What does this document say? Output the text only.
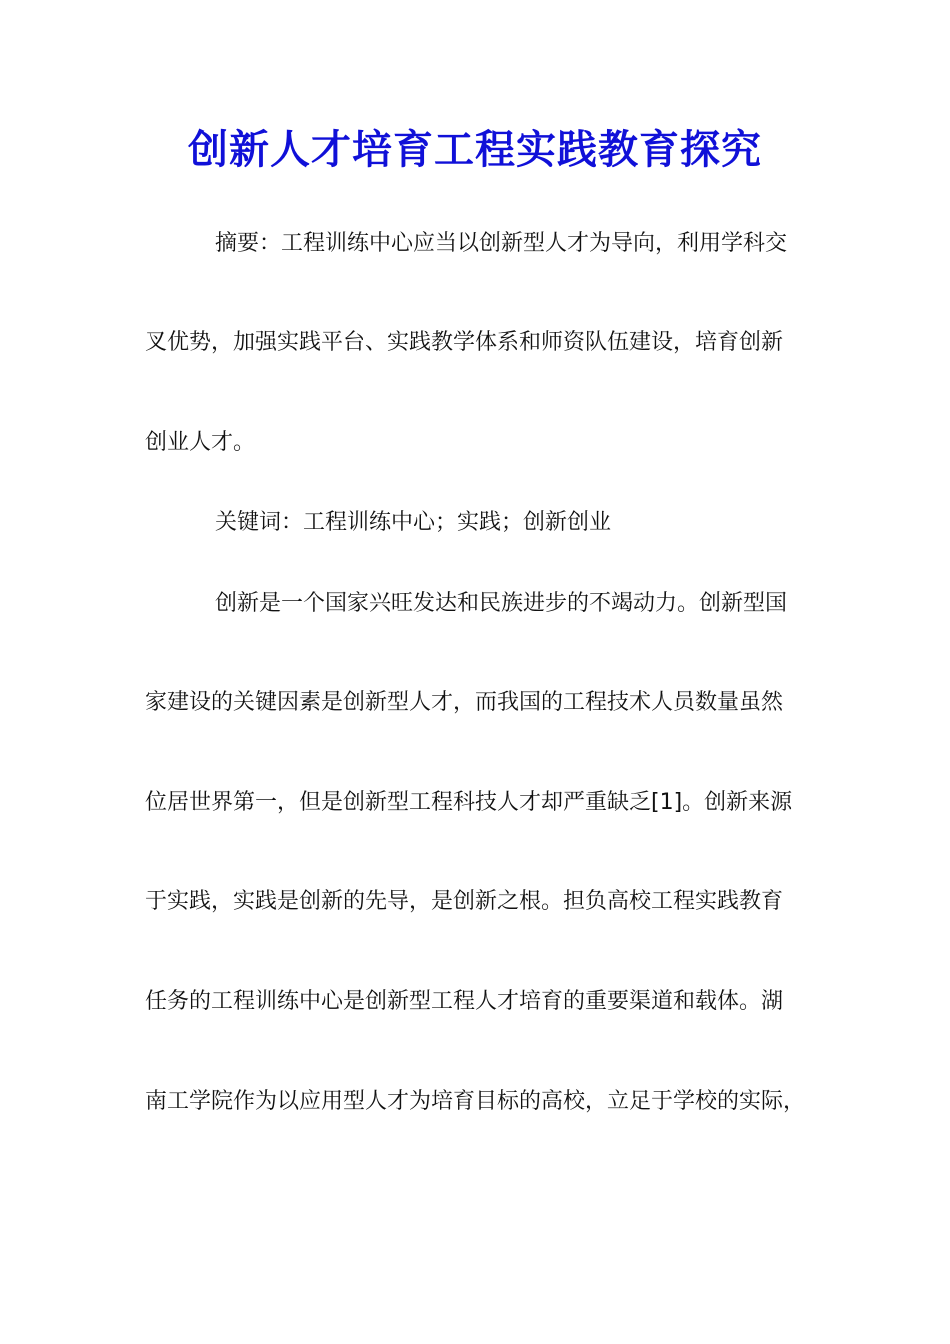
创新人才培育工程实践教育探究
摘要：工程训练中心应当以创新型人才为导向，利用学科交
叉优势，加强实践平台、实践教学体系和师资队伍建设，培育创新
创业人才。
关键词：工程训练中心；实践；创新创业
创新是一个国家兴旺发达和民族进步的不竭动力。创新型国
家建设的关键因素是创新型人才，而我国的工程技术人员数量虽然
位居世界第一，但是创新型工程科技人才却严重缺乏[1]。创新来源
于实践，实践是创新的先导，是创新之根。担负高校工程实践教育
任务的工程训练中心是创新型工程人才培育的重要渠道和载体。湖
南工学院作为以应用型人才为培育目标的高校，立足于学校的实际，
